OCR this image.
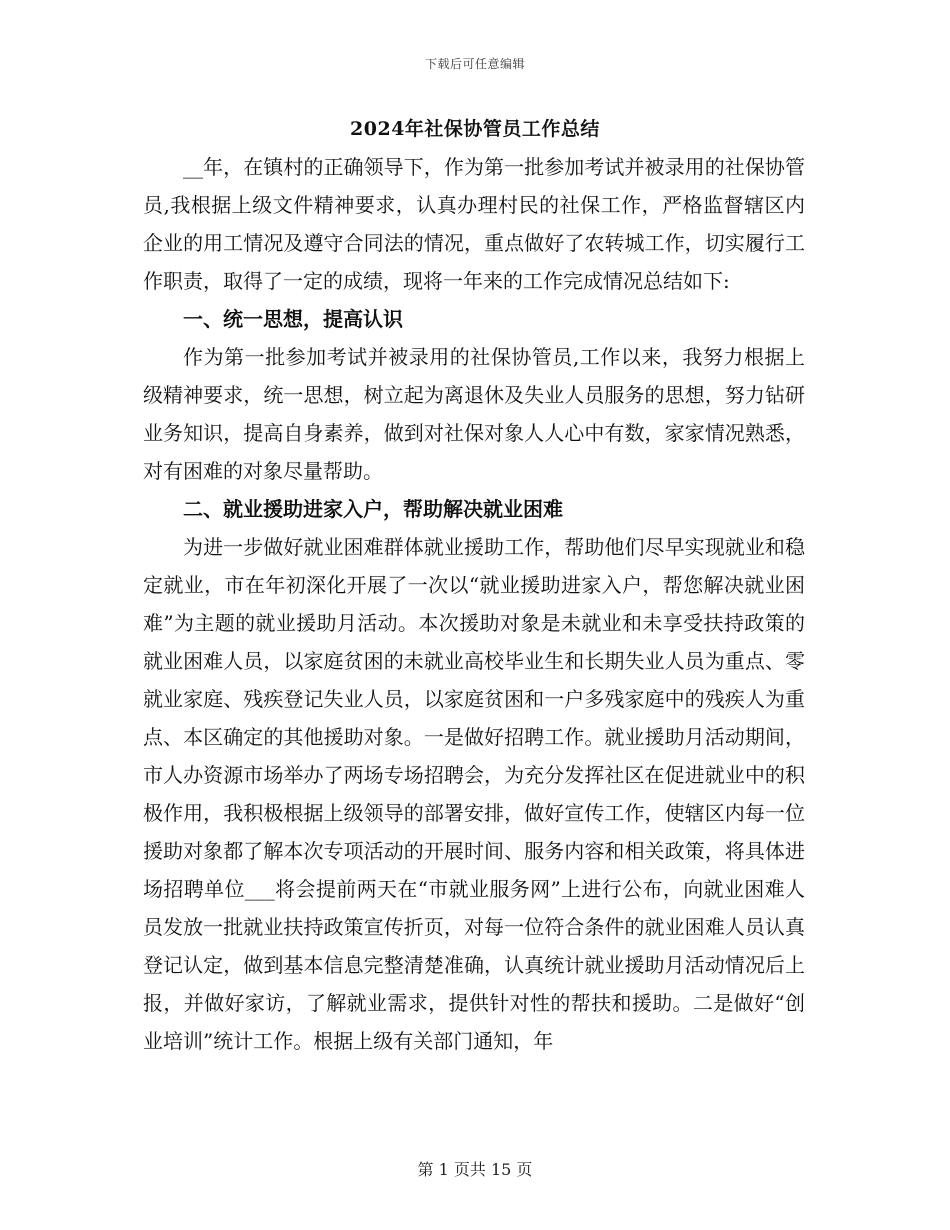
下载后可任意编辑
2024年社保协管员工作总结

__年，在镇村的正确领导下，作为第一批参加考试并被录用的社保协管员,我根据上级文件精神要求，认真办理村民的社保工作，严格监督辖区内企业的用工情况及遵守合同法的情况，重点做好了农转城工作，切实履行工作职责，取得了一定的成绩，现将一年来的工作完成情况总结如下:

一、统一思想，提高认识

作为第一批参加考试并被录用的社保协管员,工作以来，我努力根据上级精神要求，统一思想，树立起为离退休及失业人员服务的思想，努力钻研业务知识，提高自身素养，做到对社保对象人人心中有数，家家情况熟悉，对有困难的对象尽量帮助。

二、就业援助进家入户，帮助解决就业困难

为进一步做好就业困难群体就业援助工作，帮助他们尽早实现就业和稳定就业，市在年初深化开展了一次以“就业援助进家入户，帮您解决就业困难”为主题的就业援助月活动。本次援助对象是未就业和未享受扶持政策的就业困难人员，以家庭贫困的未就业高校毕业生和长期失业人员为重点、零就业家庭、残疾登记失业人员，以家庭贫困和一户多残家庭中的残疾人为重点、本区确定的其他援助对象。一是做好招聘工作。就业援助月活动期间，市人办资源市场举办了两场专场招聘会，为充分发挥社区在促进就业中的积极作用，我积极根据上级领导的部署安排，做好宣传工作，使辖区内每一位援助对象都了解本次专项活动的开展时间、服务内容和相关政策，将具体进场招聘单位___将会提前两天在“市就业服务网”上进行公布，向就业困难人员发放一批就业扶持政策宣传折页，对每一位符合条件的就业困难人员认真登记认定，做到基本信息完整清楚准确，认真统计就业援助月活动情况后上报，并做好家访，了解就业需求，提供针对性的帮扶和援助。二是做好“创业培训”统计工作。根据上级有关部门通知，年

第 1 页共 15 页
